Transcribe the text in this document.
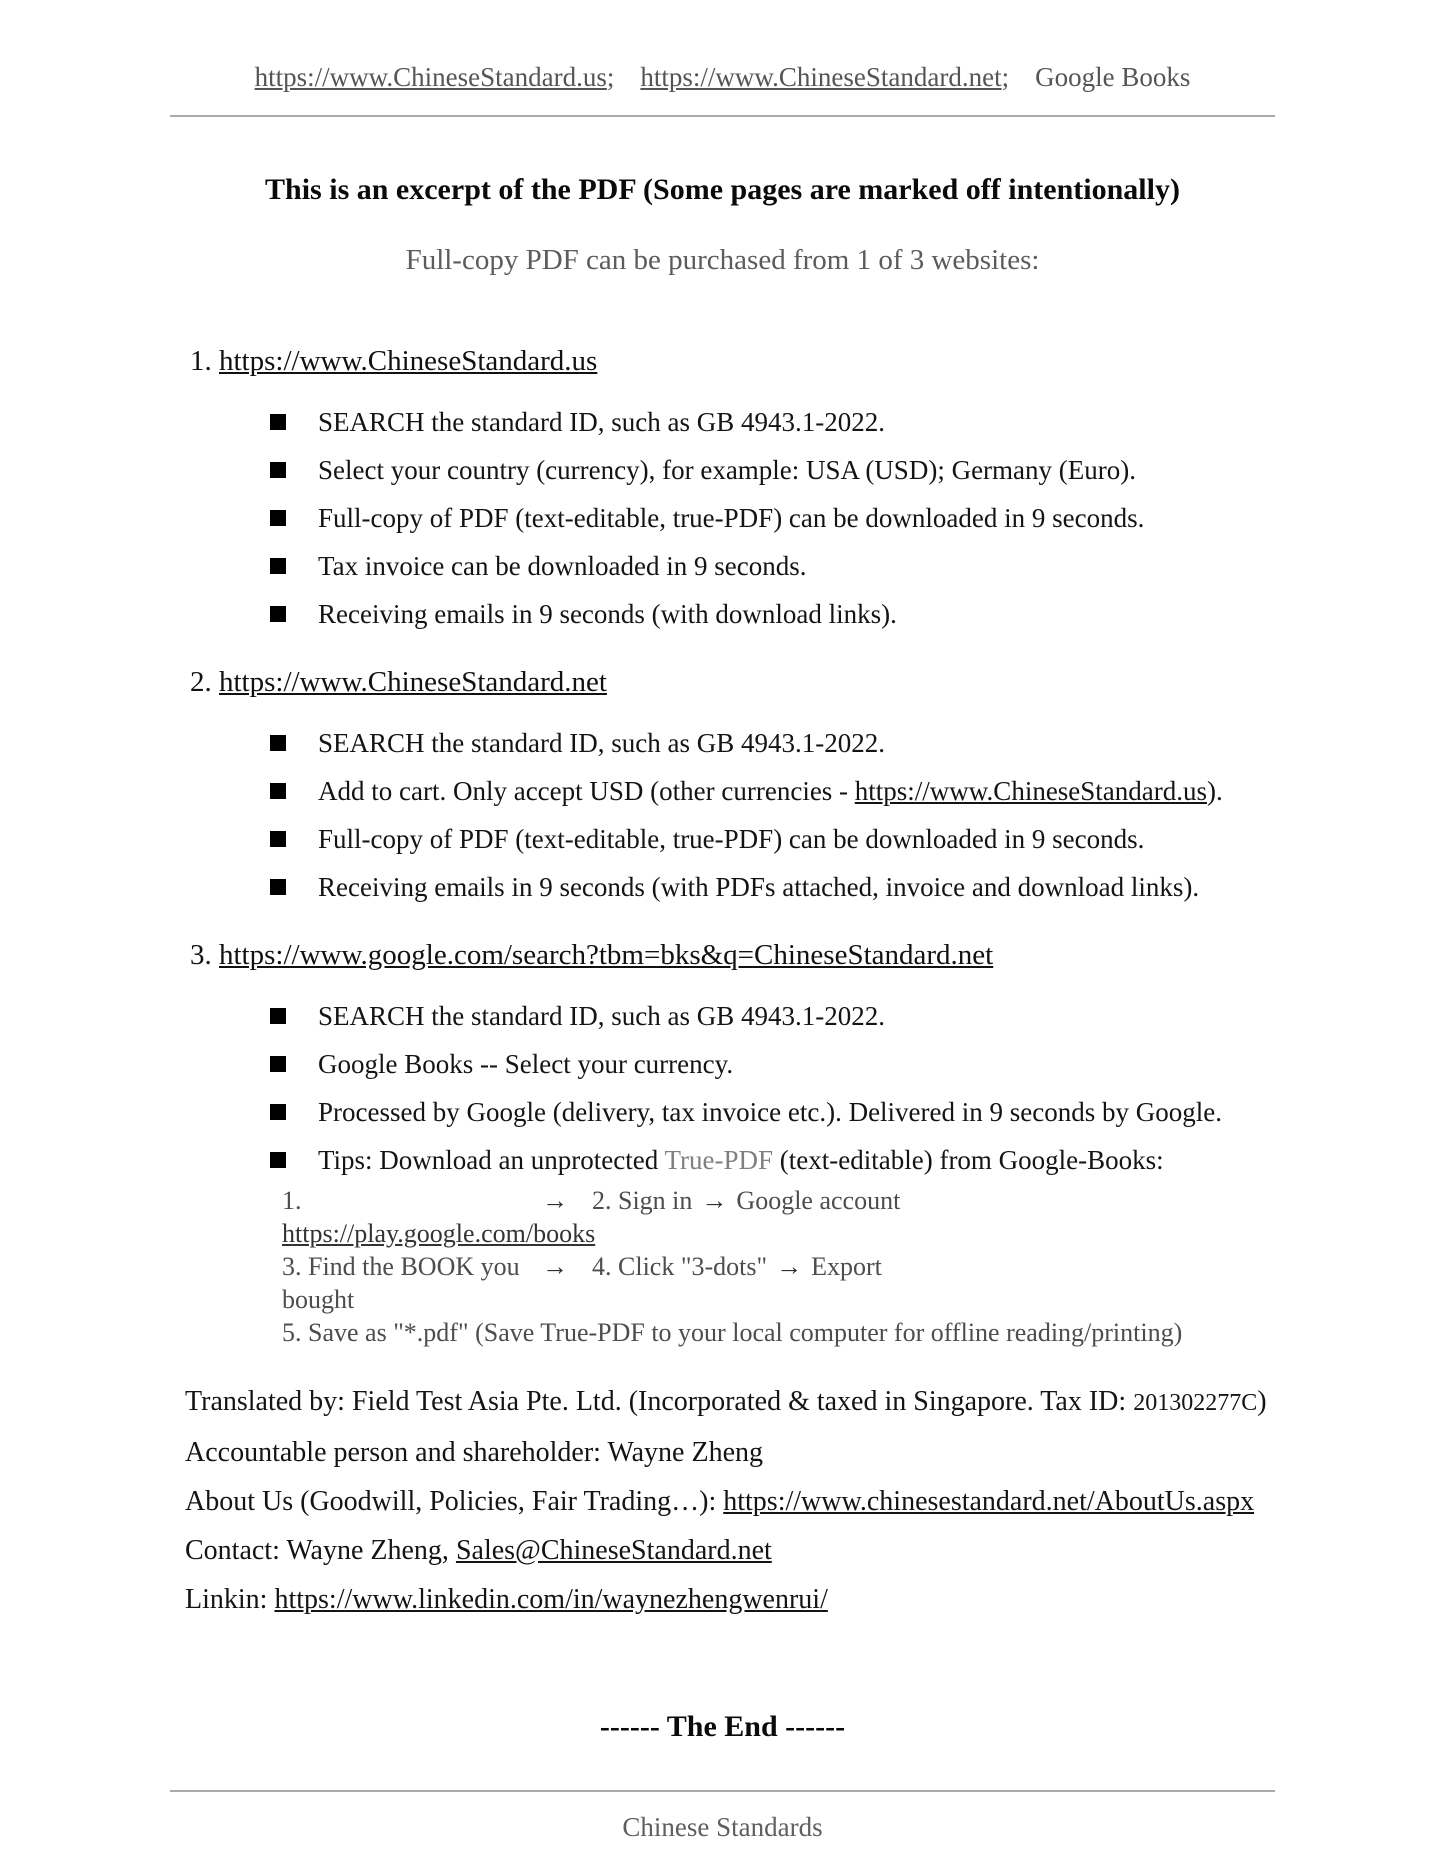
https://www.ChineseStandard.us ; https://www.ChineseStandard.net ; Google Books
This is an excerpt of the PDF (Some pages are marked off intentionally)
Full-copy PDF can be purchased from 1 of 3 websites:
1. https://www.ChineseStandard.us
SEARCH the standard ID, such as GB 4943.1-2022.
Select your country (currency), for example: USA (USD); Germany (Euro).
Full-copy of PDF (text-editable, true-PDF) can be downloaded in 9 seconds.
Tax invoice can be downloaded in 9 seconds.
Receiving emails in 9 seconds (with download links).
2. https://www.ChineseStandard.net
SEARCH the standard ID, such as GB 4943.1-2022.
Add to cart. Only accept USD (other currencies - https://www.ChineseStandard.us).
Full-copy of PDF (text-editable, true-PDF) can be downloaded in 9 seconds.
Receiving emails in 9 seconds (with PDFs attached, invoice and download links).
3. https://www.google.com/search?tbm=bks&q=ChineseStandard.net
SEARCH the standard ID, such as GB 4943.1-2022.
Google Books -- Select your currency.
Processed by Google (delivery, tax invoice etc.). Delivered in 9 seconds by Google.
Tips: Download an unprotected True-PDF (text-editable) from Google-Books:
1. https://play.google.com/books
→ 2. Sign in → Google account
3. Find the BOOK you bought
→ 4. Click "3-dots" → Export
5. Save as "*.pdf" (Save True-PDF to your local computer for offline reading/printing)
Translated by: Field Test Asia Pte. Ltd. (Incorporated & taxed in Singapore. Tax ID: 201302277C)
Accountable person and shareholder: Wayne Zheng
About Us (Goodwill, Policies, Fair Trading…): https://www.chinesestandard.net/AboutUs.aspx
Contact: Wayne Zheng, Sales@ChineseStandard.net
Linkin: https://www.linkedin.com/in/waynezhengwenrui/
------ The End ------
Chinese Standards
